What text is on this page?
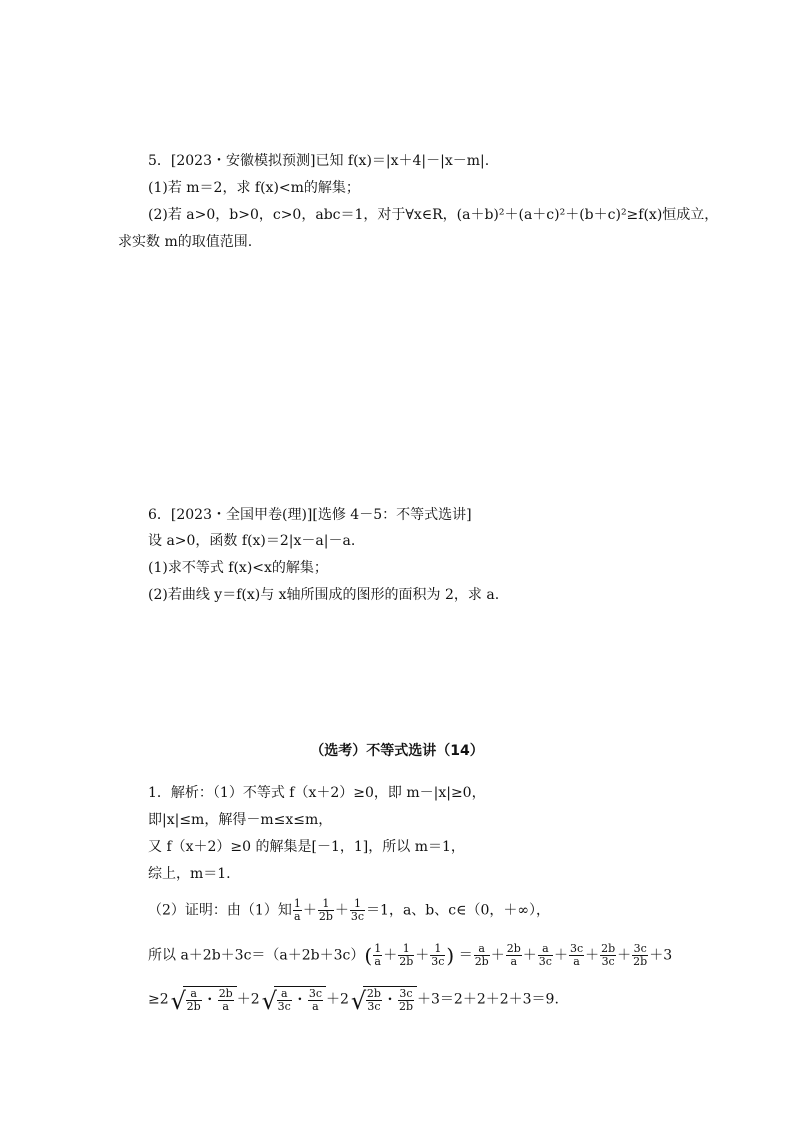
5．[2023・安徽模拟预测]已知 f(x)＝|x＋4|－|x－m|.
(1)若 m＝2，求 f(x)<m的解集；
(2)若 a>0，b>0，c>0，abc＝1，对于∀x∈R，(a＋b)²＋(a＋c)²＋(b＋c)²≥f(x)恒成立，
求实数 m的取值范围.
6．[2023・全国甲卷(理)][选修 4－5：不等式选讲]
设 a>0，函数 f(x)＝2|x－a|－a.
(1)求不等式 f(x)<x的解集；
(2)若曲线 y＝f(x)与 x轴所围成的图形的面积为 2，求 a.
（选考）不等式选讲（14）
1．解析：（1）不等式 f（x＋2）≥0，即 m－|x|≥0，
即|x|≤m，解得－m≤x≤m，
又 f（x＋2）≥0 的解集是[－1，1]，所以 m＝1，
综上，m＝1.
（2）证明：由（1）知 $\frac{1}{a} + \frac{1}{2b} + \frac{1}{3c} =1$，a、b、c∈（0，＋∞），
所以 $a+2b+3c=(a+2b+3c)( \frac{1}{a} + \frac{1}{2b} + \frac{1}{3c}$ ) ＝ $\frac{a}{2b} + \frac{2b}{a} + \frac{a}{3c} + \frac{3c}{a} + \frac{2b}{3c} + \frac{3c}{2b} +3$
≥2 √ $\frac{a}{2b}$ ・ $\frac{2b}{a} +2$ √ $\frac{a}{3c}$ ・ $\frac{3c}{a} +2$ √ $\frac{2b}{3c}$ ・ $\frac{3c}{2b} +3=2+2+2+3=9$.
